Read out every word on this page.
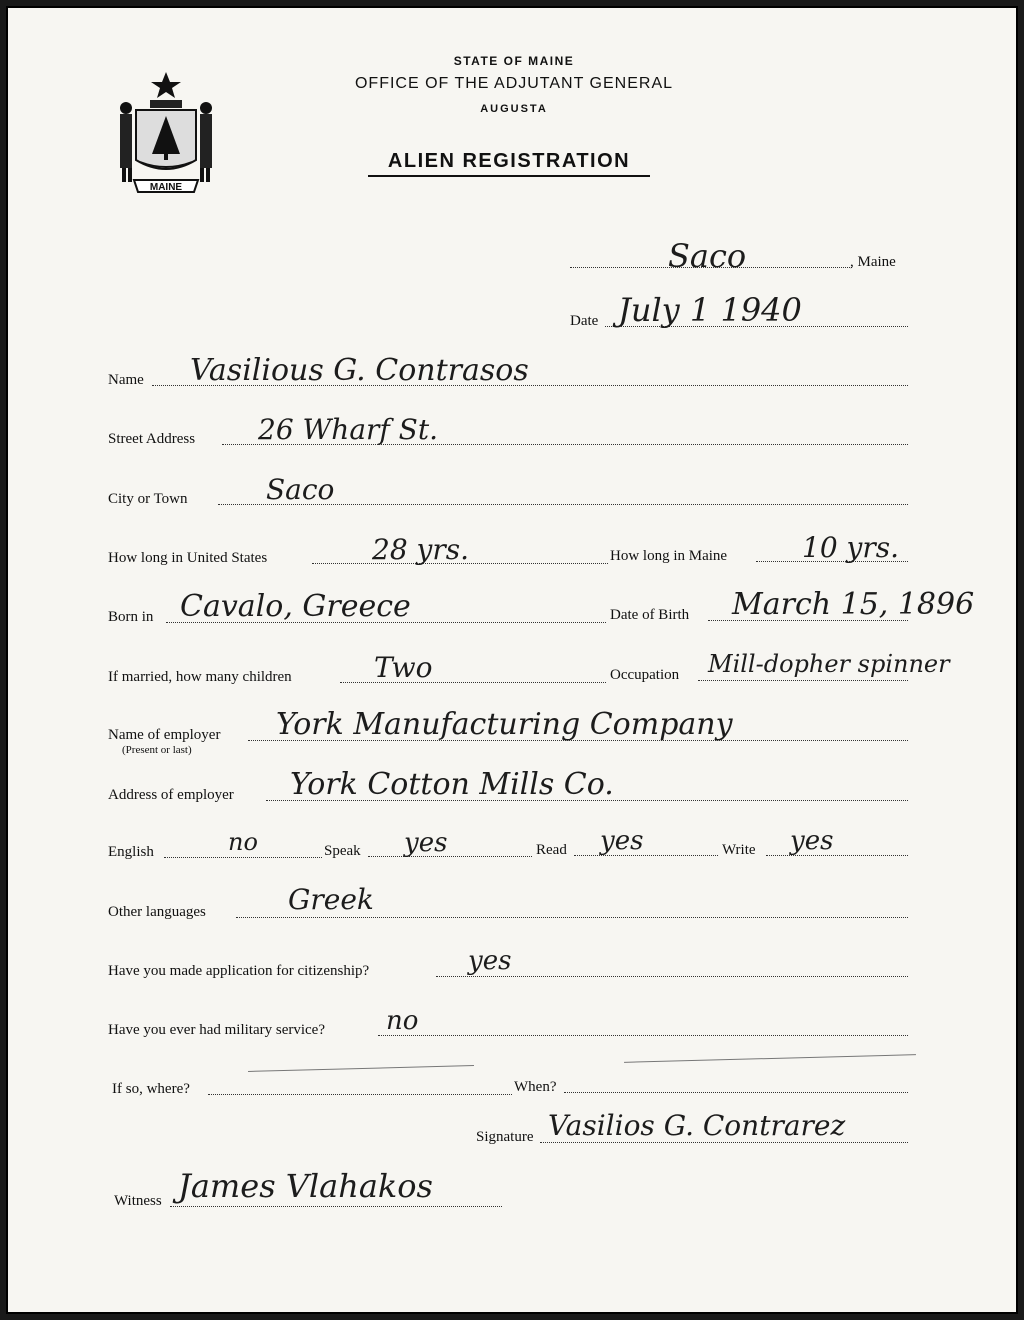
MAINE
STATE OF MAINE
OFFICE OF THE ADJUTANT GENERAL
AUGUSTA
ALIEN REGISTRATION
Saco	, Maine
Date July 1 1940
Name Vasilious G. Contrasos
Street Address 26 Wharf St.
City or Town	Saco
How long in United States	28 yrs.	How long in Maine	10 yrs.
Born in Cavalo, Greece	Date of Birth March 15, 1896
If married, how many children	Two	Occupation Mill-dopher spinner
Name of employer
(Present or last)
York Manufacturing Company
Address of employer York Cotton Mills Co.
English	no	Speak yes	Read yes	Write yes
Other languages	Greek
Have you made application for citizenship?	yes
Have you ever had military service? no
If so, where?	When?
Signature Vasilios G. Contrarez
Witness James Vlahakos
